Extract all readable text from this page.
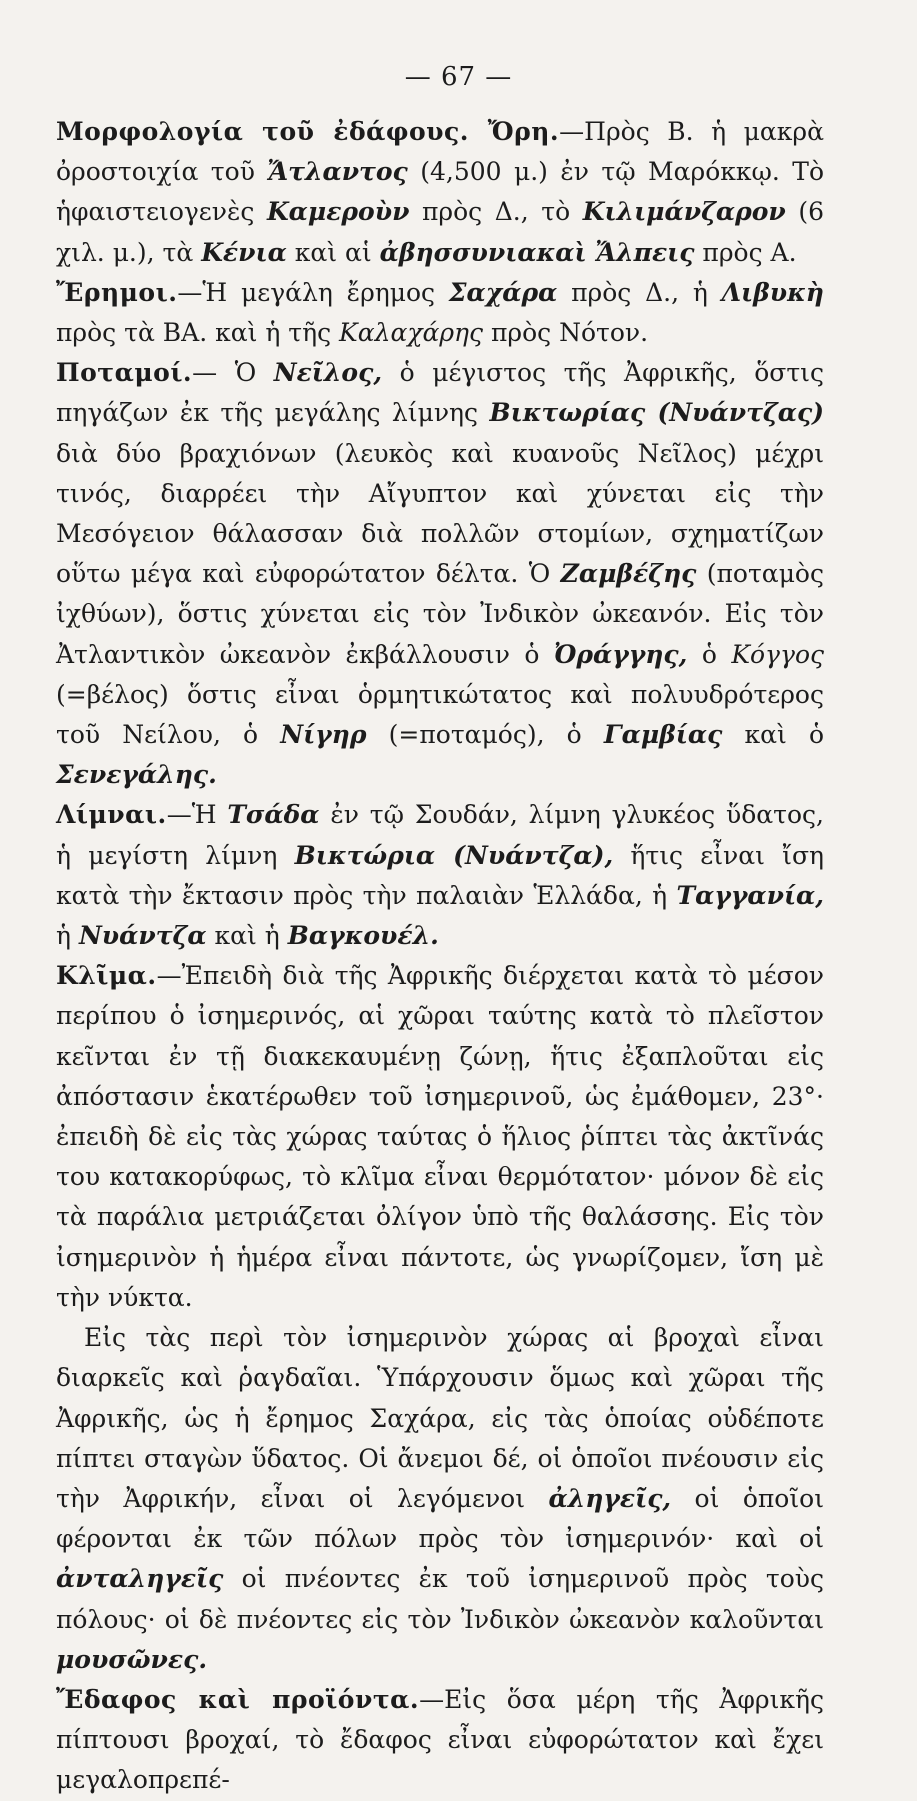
— 67 —

Μορφολογία τοῦ ἐδάφους. Ὄρη.—Πρὸς Β. ἡ μακρὰ ὀροστοιχία τοῦ Ἄτλαντος (4,500 μ.) ἐν τῷ Μαρόκκῳ. Τὸ ἡφαιστειογενὲς Καμεροὺν πρὸς Δ., τὸ Κιλιμάνζαρον (6 χιλ. μ.), τὰ Κένια καὶ αἱ ἀβησσυνιακαὶ Ἄλπεις πρὸς Α.

Ἔρημοι.—Ἡ μεγάλη ἔρημος Σαχάρα πρὸς Δ., ἡ Λιβυκὴ πρὸς τὰ ΒΑ. καὶ ἡ τῆς Καλαχάρης πρὸς Νότον.

Ποταμοί.— Ὁ Νεῖλος, ὁ μέγιστος τῆς Ἀφρικῆς, ὅστις πηγάζων ἐκ τῆς μεγάλης λίμνης Βικτωρίας (Νυάντζας) διὰ δύο βραχιόνων (λευκὸς καὶ κυανοῦς Νεῖλος) μέχρι τινός, διαρρέει τὴν Αἴγυπτον καὶ χύνεται εἰς τὴν Μεσόγειον θάλασσαν διὰ πολλῶν στομίων, σχηματίζων οὕτω μέγα καὶ εὐφορώτατον δέλτα. Ὁ Ζαμβέζης (ποταμὸς ἰχθύων), ὅστις χύνεται εἰς τὸν Ἰνδικὸν ὠκεανόν. Εἰς τὸν Ἀτλαντικὸν ὠκεανὸν ἐκβάλλουσιν ὁ Ὀράγγης, ὁ Κόγγος (=βέλος) ὅστις εἶναι ὁρμητικώτατος καὶ πολυυδρότερος τοῦ Νείλου, ὁ Νίγηρ (=ποταμός), ὁ Γαμβίας καὶ ὁ Σενεγάλης.

Λίμναι.—Ἡ Τσάδα ἐν τῷ Σουδάν, λίμνη γλυκέος ὕδατος, ἡ μεγίστη λίμνη Βικτώρια (Νυάντζα), ἥτις εἶναι ἴση κατὰ τὴν ἔκτασιν πρὸς τὴν παλαιὰν Ἑλλάδα, ἡ Ταγγανία, ἡ Νυάντζα καὶ ἡ Βαγκουέλ.

Κλῖμα.—Ἐπειδὴ διὰ τῆς Ἀφρικῆς διέρχεται κατὰ τὸ μέσον περίπου ὁ ἰσημερινός, αἱ χῶραι ταύτης κατὰ τὸ πλεῖστον κεῖνται ἐν τῇ διακεκαυμένῃ ζώνῃ, ἥτις ἐξαπλοῦται εἰς ἀπόστασιν ἑκατέρωθεν τοῦ ἰσημερινοῦ, ὡς ἐμάθομεν, 23°· ἐπειδὴ δὲ εἰς τὰς χώρας ταύτας ὁ ἥλιος ῥίπτει τὰς ἀκτῖνάς του κατακορύφως, τὸ κλῖμα εἶναι θερμότατον· μόνον δὲ εἰς τὰ παράλια μετριάζεται ὀλίγον ὑπὸ τῆς θαλάσσης. Εἰς τὸν ἰσημερινὸν ἡ ἡμέρα εἶναι πάντοτε, ὡς γνωρίζομεν, ἴση μὲ τὴν νύκτα.

Εἰς τὰς περὶ τὸν ἰσημερινὸν χώρας αἱ βροχαὶ εἶναι διαρκεῖς καὶ ῥαγδαῖαι. Ὑπάρχουσιν ὅμως καὶ χῶραι τῆς Ἀφρικῆς, ὡς ἡ ἔρημος Σαχάρα, εἰς τὰς ὁποίας οὐδέποτε πίπτει σταγὼν ὕδατος. Οἱ ἄνεμοι δέ, οἱ ὁποῖοι πνέουσιν εἰς τὴν Ἀφρικήν, εἶναι οἱ λεγόμενοι ἀληγεῖς, οἱ ὁποῖοι φέρονται ἐκ τῶν πόλων πρὸς τὸν ἰσημερινόν· καὶ οἱ ἀνταληγεῖς οἱ πνέοντες ἐκ τοῦ ἰσημερινοῦ πρὸς τοὺς πόλους· οἱ δὲ πνέοντες εἰς τὸν Ἰνδικὸν ὠκεανὸν καλοῦνται μουσῶνες.

Ἔδαφος καὶ προϊόντα.—Εἰς ὅσα μέρη τῆς Ἀφρικῆς πίπτουσι βροχαί, τὸ ἔδαφος εἶναι εὐφορώτατον καὶ ἔχει μεγαλοπρεπέ-
